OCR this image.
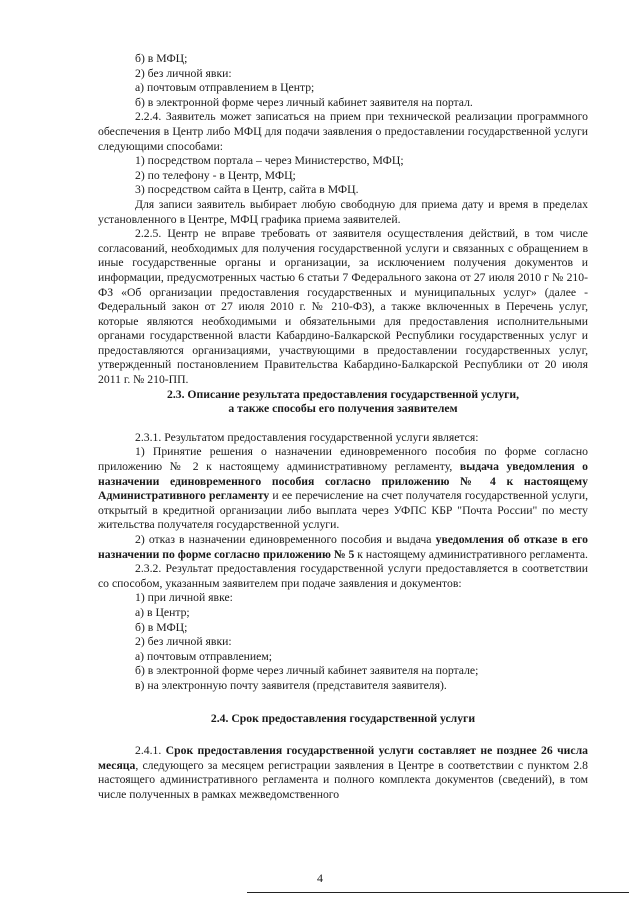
б) в МФЦ;

2) без личной явки:

а) почтовым отправлением в Центр;

б) в электронной форме через личный кабинет заявителя на портал.

2.2.4. Заявитель может записаться на прием при технической реализации программного обеспечения в Центр либо МФЦ для подачи заявления о предоставлении государственной услуги следующими способами:

1) посредством портала – через Министерство, МФЦ;

2) по телефону - в Центр, МФЦ;

3) посредством сайта в Центр, сайта в МФЦ.

Для записи заявитель выбирает любую свободную для приема дату и время в пределах установленного в Центре, МФЦ графика приема заявителей.

2.2.5. Центр не вправе требовать от заявителя осуществления действий, в том числе согласований, необходимых для получения государственной услуги и связанных с обращением в иные государственные органы и организации, за исключением получения документов и информации, предусмотренных частью 6 статьи 7 Федерального закона от 27 июля 2010 г № 210-ФЗ «Об организации предоставления государственных и муниципальных услуг» (далее - Федеральный закон от 27 июля 2010 г. № 210-ФЗ), а также включенных в Перечень услуг, которые являются необходимыми и обязательными для предоставления исполнительными органами государственной власти Кабардино-Балкарской Республики государственных услуг и предоставляются организациями, участвующими в предоставлении государственных услуг, утвержденный постановлением Правительства Кабардино-Балкарской Республики от 20 июля 2011 г. № 210-ПП.

2.3. Описание результата предоставления государственной услуги,

а также способы его получения заявителем

2.3.1. Результатом предоставления государственной услуги является:

1) Принятие решения о назначении единовременного пособия по форме согласно приложению № 2 к настоящему административному регламенту, выдача уведомления о назначении единовременного пособия согласно приложению № 4 к настоящему Административного регламенту и ее перечисление на счет получателя государственной услуги, открытый в кредитной организации либо выплата через УФПС КБР "Почта России" по месту жительства получателя государственной услуги.

2) отказ в назначении единовременного пособия и выдача уведомления об отказе в его назначении по форме согласно приложению № 5 к настоящему административного регламента.

2.3.2. Результат предоставления государственной услуги предоставляется в соответствии со способом, указанным заявителем при подаче заявления и документов:

1) при личной явке:

а) в Центр;

б) в МФЦ;

2) без личной явки:

а) почтовым отправлением;

б) в электронной форме через личный кабинет заявителя на портале;

в) на электронную почту заявителя (представителя заявителя).

2.4. Срок предоставления государственной услуги

2.4.1. Срок предоставления государственной услуги составляет не позднее 26 числа месяца, следующего за месяцем регистрации заявления в Центре в соответствии с пунктом 2.8 настоящего административного регламента и полного комплекта документов (сведений), в том числе полученных в рамках межведомственного

4
